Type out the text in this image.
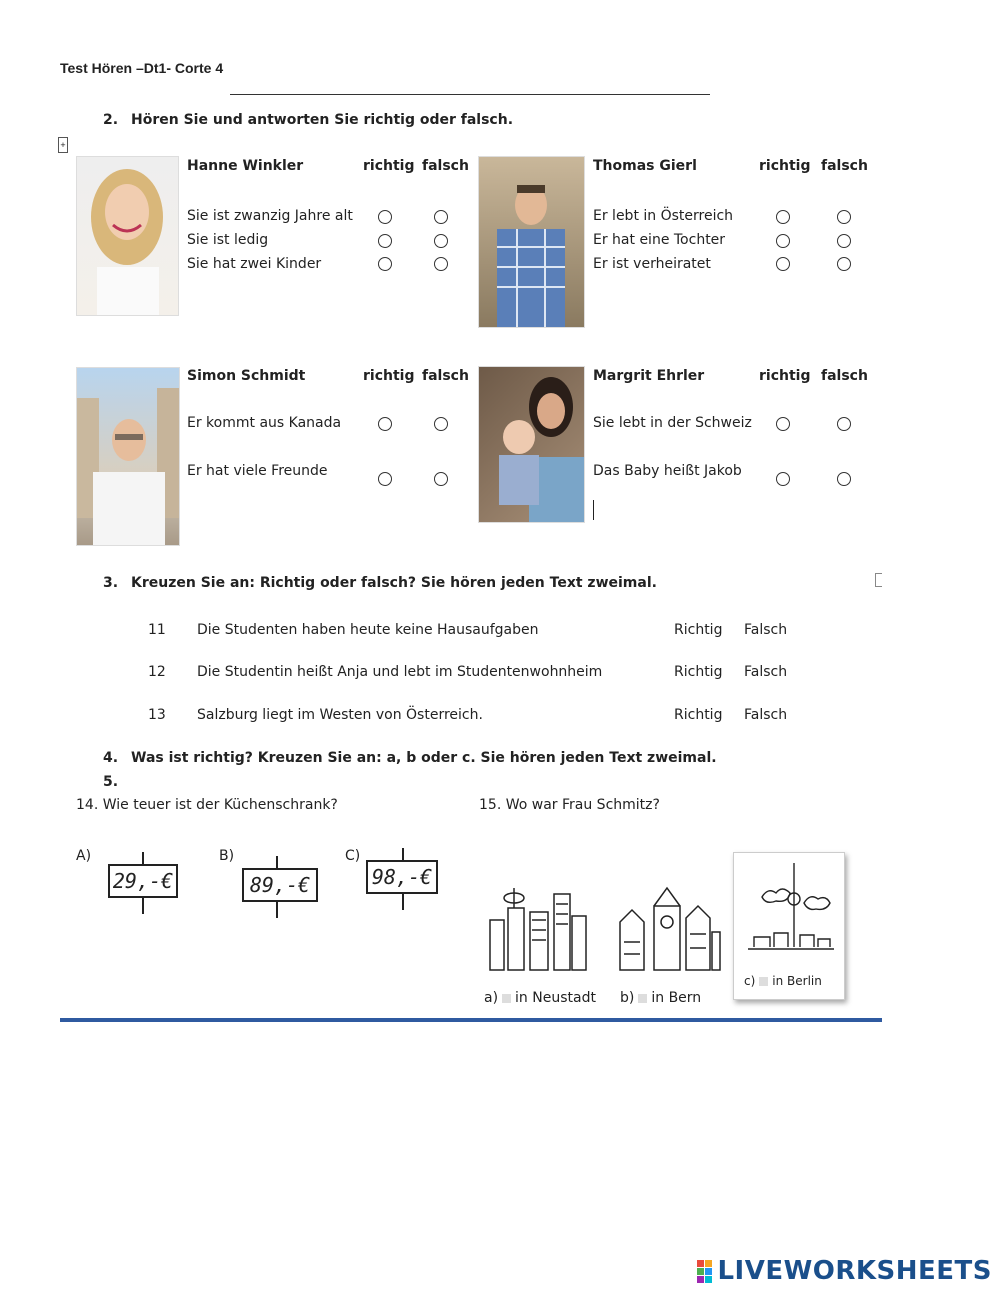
Test Hören –Dt1- Corte 4
2. Hören Sie und antworten Sie richtig oder falsch.
+
Hanne Winkler	richtig falsch
Sie ist zwanzig Jahre alt
Sie ist ledig
Sie hat zwei Kinder
Thomas Gierl	richtig falsch
Er lebt in Österreich
Er hat eine Tochter
Er ist verheiratet
Simon Schmidt	richtig falsch
Er kommt aus Kanada
Er hat viele Freunde
Margrit Ehrler	richtig falsch
Sie lebt in der Schweiz
Das Baby heißt Jakob
3. Kreuzen Sie an: Richtig oder falsch? Sie hören jeden Text zweimal.
11 Die Studenten haben heute keine Hausaufgaben	Richtig Falsch
12 Die Studentin heißt Anja und lebt im Studentenwohnheim	Richtig Falsch
13 Salzburg liegt im Westen von Österreich.	Richtig Falsch
4. Was ist richtig? Kreuzen Sie an: a, b oder c. Sie hören jeden Text zweimal.
5.
14. Wie teuer ist der Küchenschrank?	15. Wo war Frau Schmitz?
A)
29,-€
B)
89,-€
C)
98,-€
a) in Neustadt b) in Bern
c) in Berlin
LIVEWORKSHEETS
